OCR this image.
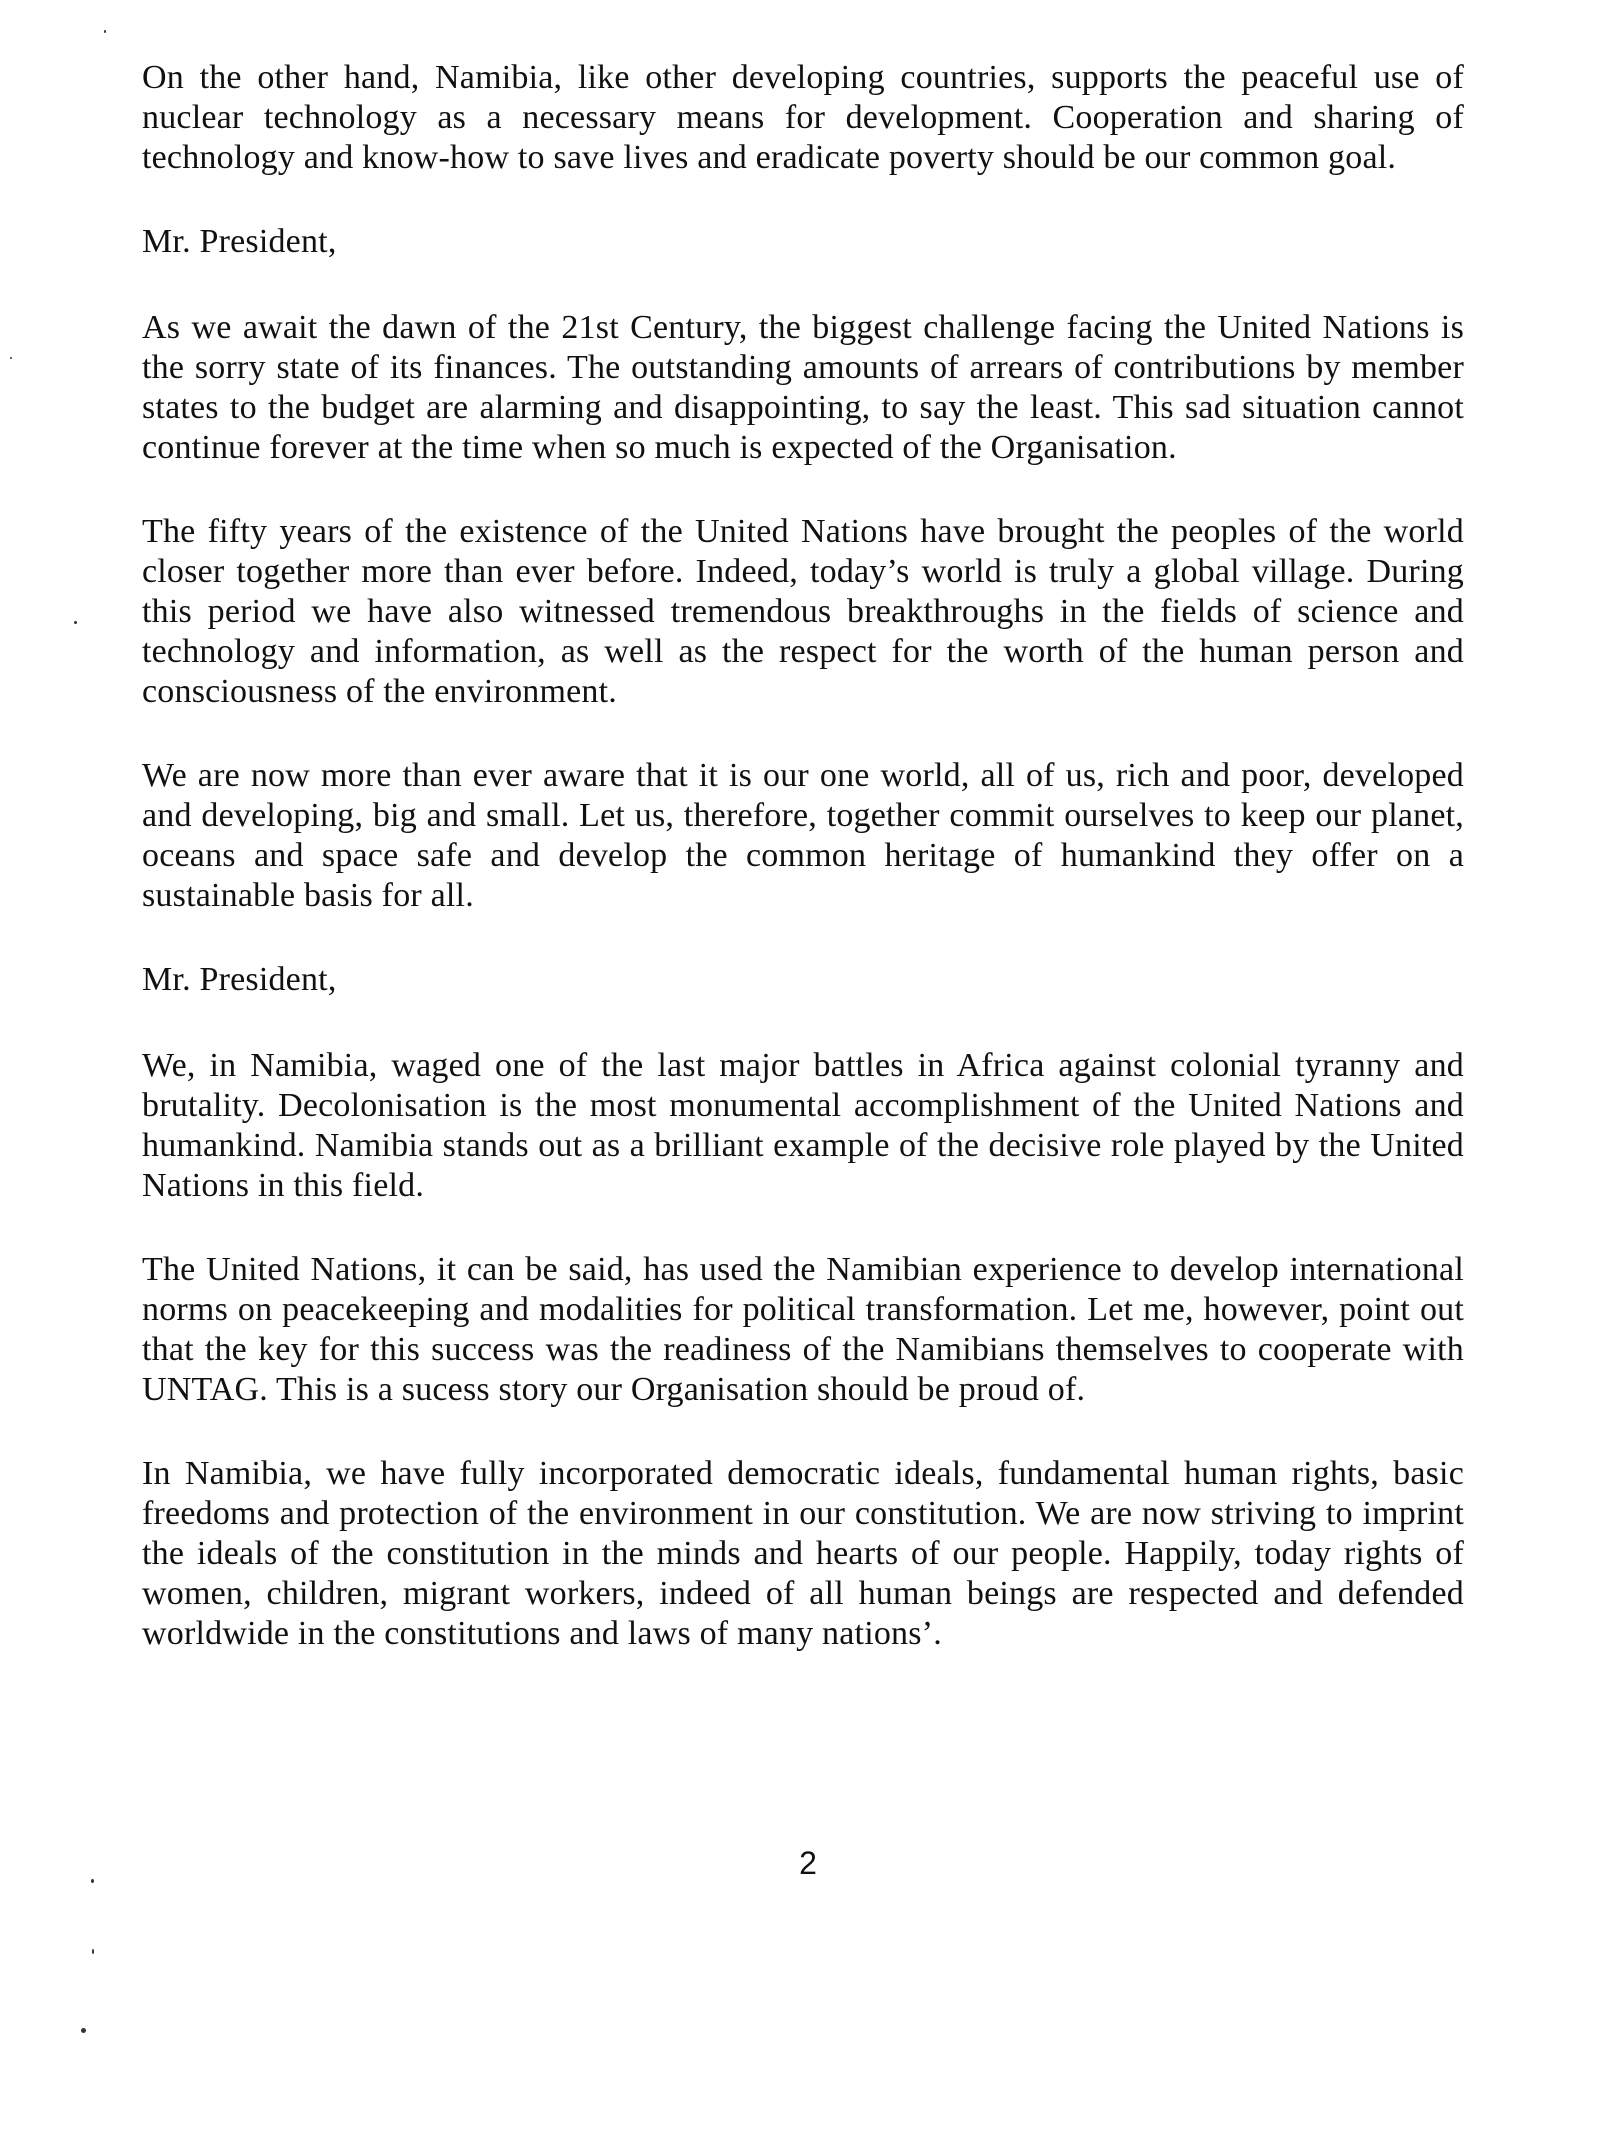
On the other hand, Namibia, like other developing countries, supports the peaceful use of nuclear technology as a necessary means for development. Cooperation and sharing of technology and know-how to save lives and eradicate poverty should be our common goal.

Mr. President,

As we await the dawn of the 21st Century, the biggest challenge facing the United Nations is the sorry state of its finances. The outstanding amounts of arrears of contributions by member states to the budget are alarming and disappointing, to say the least. This sad situation cannot continue forever at the time when so much is expected of the Organisation.

The fifty years of the existence of the United Nations have brought the peoples of the world closer together more than ever before. Indeed, today’s world is truly a global village. During this period we have also witnessed tremendous breakthroughs in the fields of science and technology and information, as well as the respect for the worth of the human person and consciousness of the environment.

We are now more than ever aware that it is our one world, all of us, rich and poor, developed and developing, big and small. Let us, therefore, together commit ourselves to keep our planet, oceans and space safe and develop the common heritage of humankind they offer on a sustainable basis for all.

Mr. President,

We, in Namibia, waged one of the last major battles in Africa against colonial tyranny and brutality. Decolonisation is the most monumental accomplishment of the United Nations and humankind. Namibia stands out as a brilliant example of the decisive role played by the United Nations in this field.

The United Nations, it can be said, has used the Namibian experience to develop international norms on peacekeeping and modalities for political transformation. Let me, however, point out that the key for this success was the readiness of the Namibians themselves to cooperate with UNTAG. This is a sucess story our Organisation should be proud of.

In Namibia, we have fully incorporated democratic ideals, fundamental human rights, basic freedoms and protection of the environment in our constitution. We are now striving to imprint the ideals of the constitution in the minds and hearts of our people. Happily, today rights of women, children, migrant workers, indeed of all human beings are respected and defended worldwide in the constitutions and laws of many nations’.

2
